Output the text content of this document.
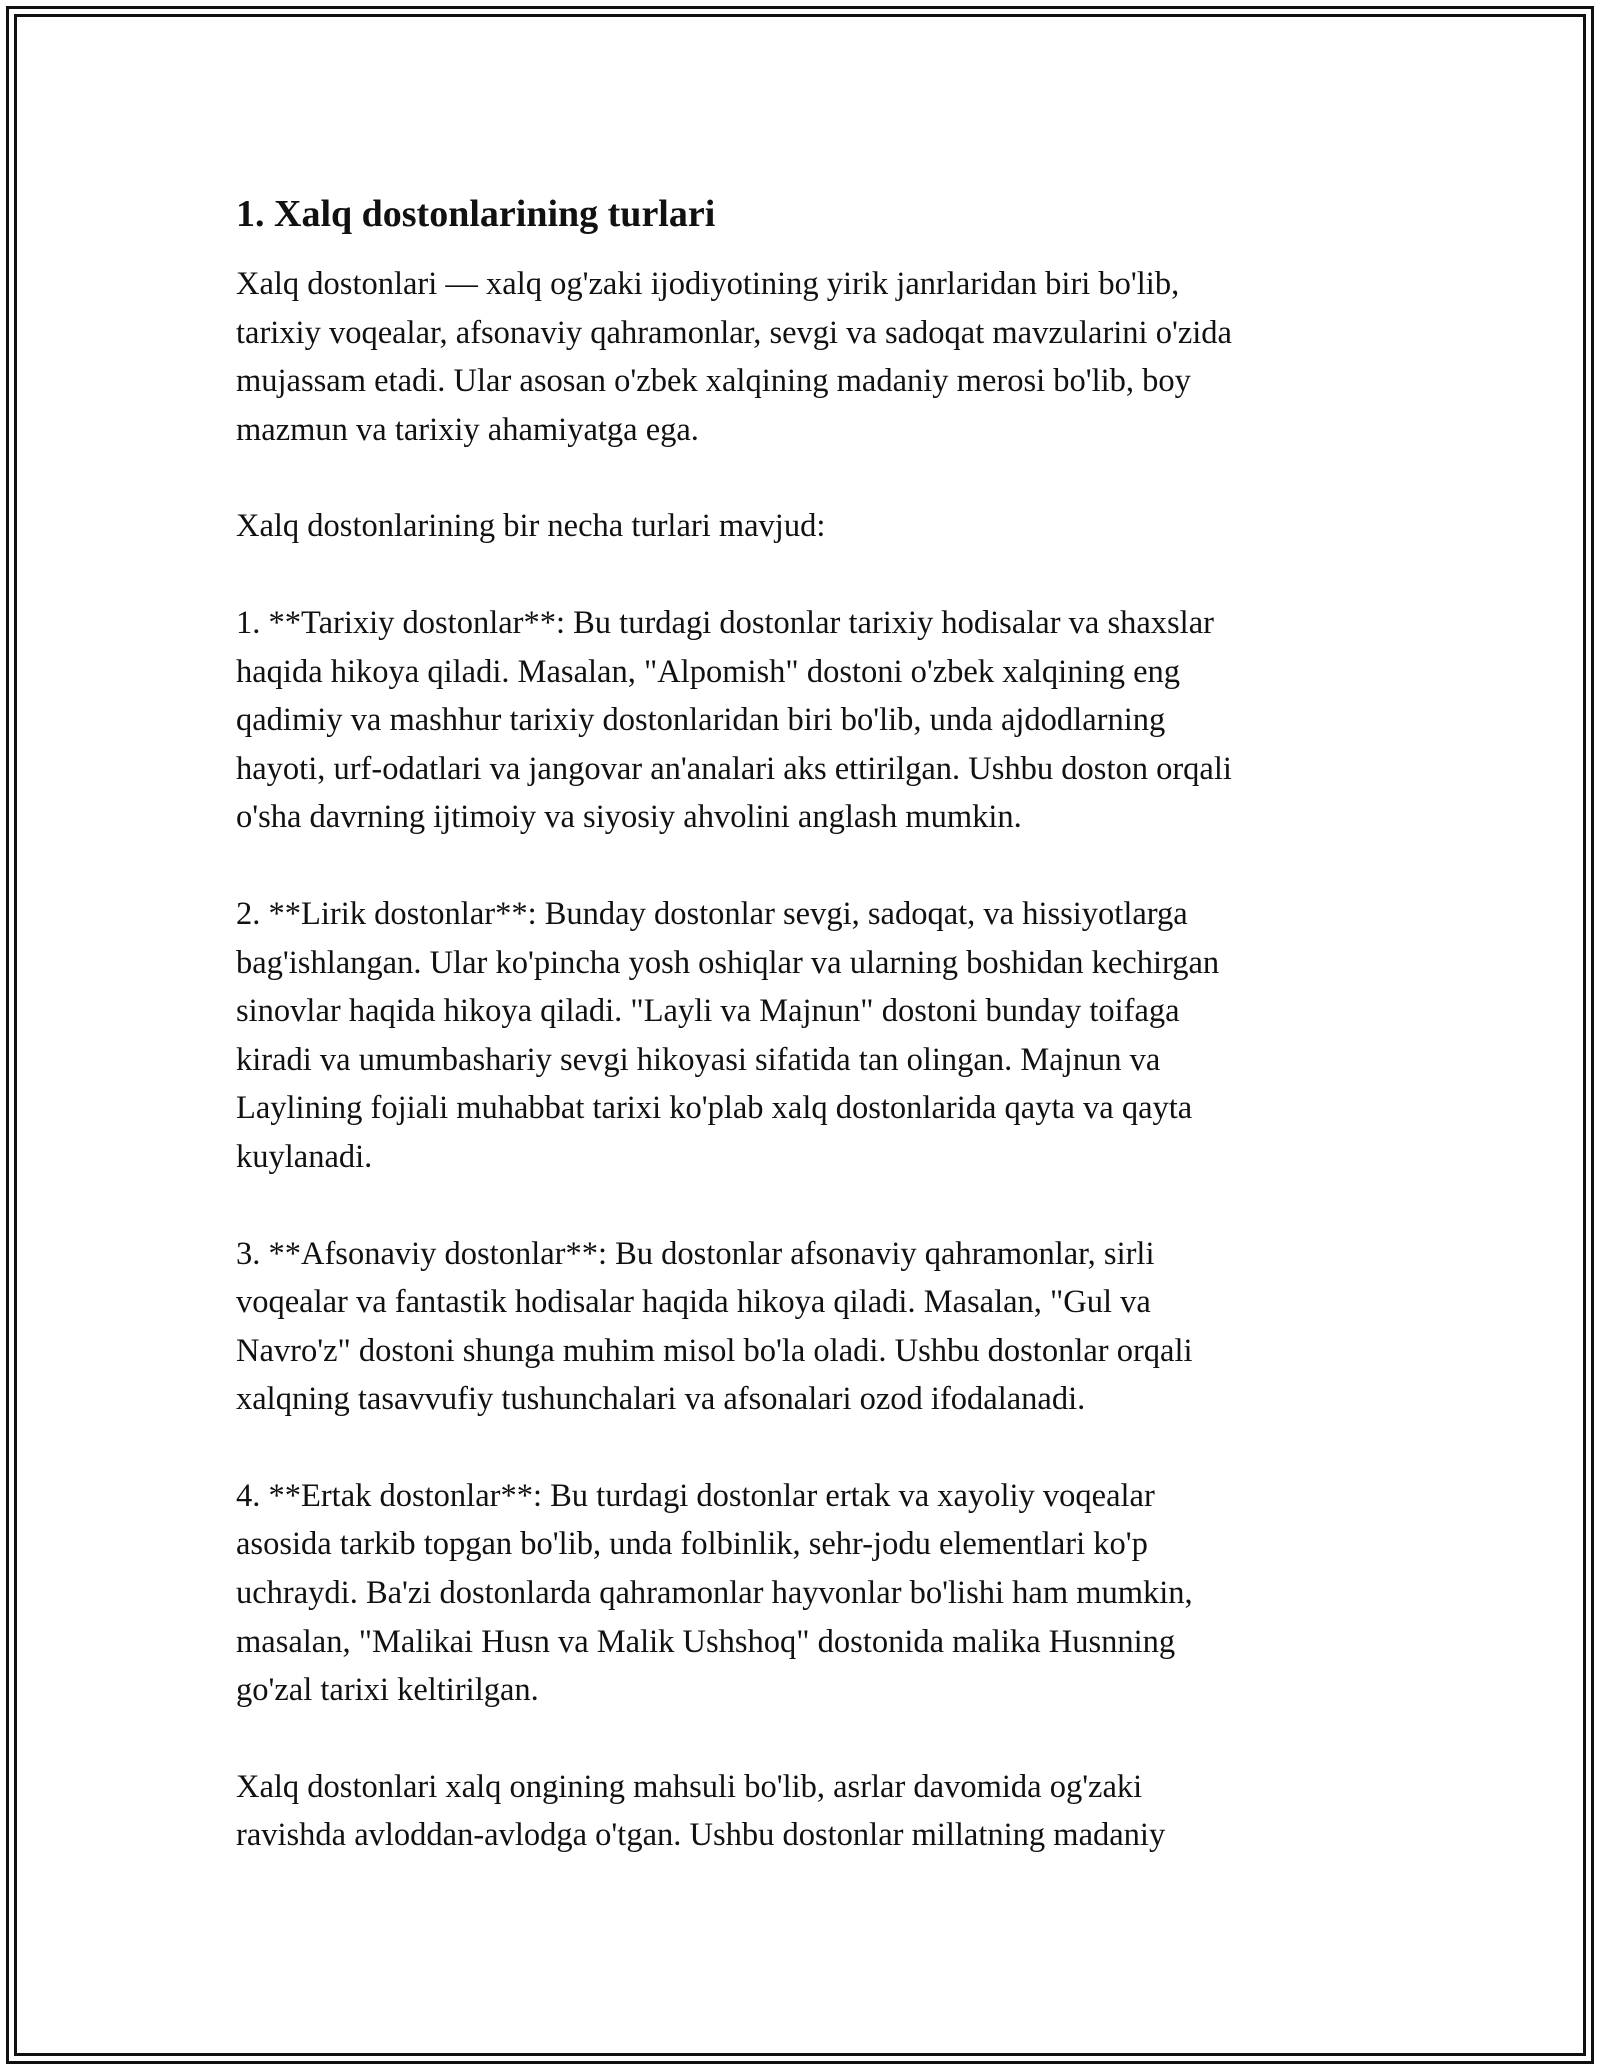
1. Xalq dostonlarining turlari

Xalq dostonlari — xalq og'zaki ijodiyotining yirik janrlaridan biri bo'lib,
tarixiy voqealar, afsonaviy qahramonlar, sevgi va sadoqat mavzularini o'zida
mujassam etadi. Ular asosan o'zbek xalqining madaniy merosi bo'lib, boy
mazmun va tarixiy ahamiyatga ega.

Xalq dostonlarining bir necha turlari mavjud:

1. **Tarixiy dostonlar**: Bu turdagi dostonlar tarixiy hodisalar va shaxslar
haqida hikoya qiladi. Masalan, "Alpomish" dostoni o'zbek xalqining eng
qadimiy va mashhur tarixiy dostonlaridan biri bo'lib, unda ajdodlarning
hayoti, urf-odatlari va jangovar an'analari aks ettirilgan. Ushbu doston orqali
o'sha davrning ijtimoiy va siyosiy ahvolini anglash mumkin.

2. **Lirik dostonlar**: Bunday dostonlar sevgi, sadoqat, va hissiyotlarga
bag'ishlangan. Ular ko'pincha yosh oshiqlar va ularning boshidan kechirgan
sinovlar haqida hikoya qiladi. "Layli va Majnun" dostoni bunday toifaga
kiradi va umumbashariy sevgi hikoyasi sifatida tan olingan. Majnun va
Laylining fojiali muhabbat tarixi ko'plab xalq dostonlarida qayta va qayta
kuylanadi.

3. **Afsonaviy dostonlar**: Bu dostonlar afsonaviy qahramonlar, sirli
voqealar va fantastik hodisalar haqida hikoya qiladi. Masalan, "Gul va
Navro'z" dostoni shunga muhim misol bo'la oladi. Ushbu dostonlar orqali
xalqning tasavvufiy tushunchalari va afsonalari ozod ifodalanadi.

4. **Ertak dostonlar**: Bu turdagi dostonlar ertak va xayoliy voqealar
asosida tarkib topgan bo'lib, unda folbinlik, sehr-jodu elementlari ko'p
uchraydi. Ba'zi dostonlarda qahramonlar hayvonlar bo'lishi ham mumkin,
masalan, "Malikai Husn va Malik Ushshoq" dostonida malika Husnning
go'zal tarixi keltirilgan.

Xalq dostonlari xalq ongining mahsuli bo'lib, asrlar davomida og'zaki
ravishda avloddan-avlodga o'tgan. Ushbu dostonlar millatning madaniy
